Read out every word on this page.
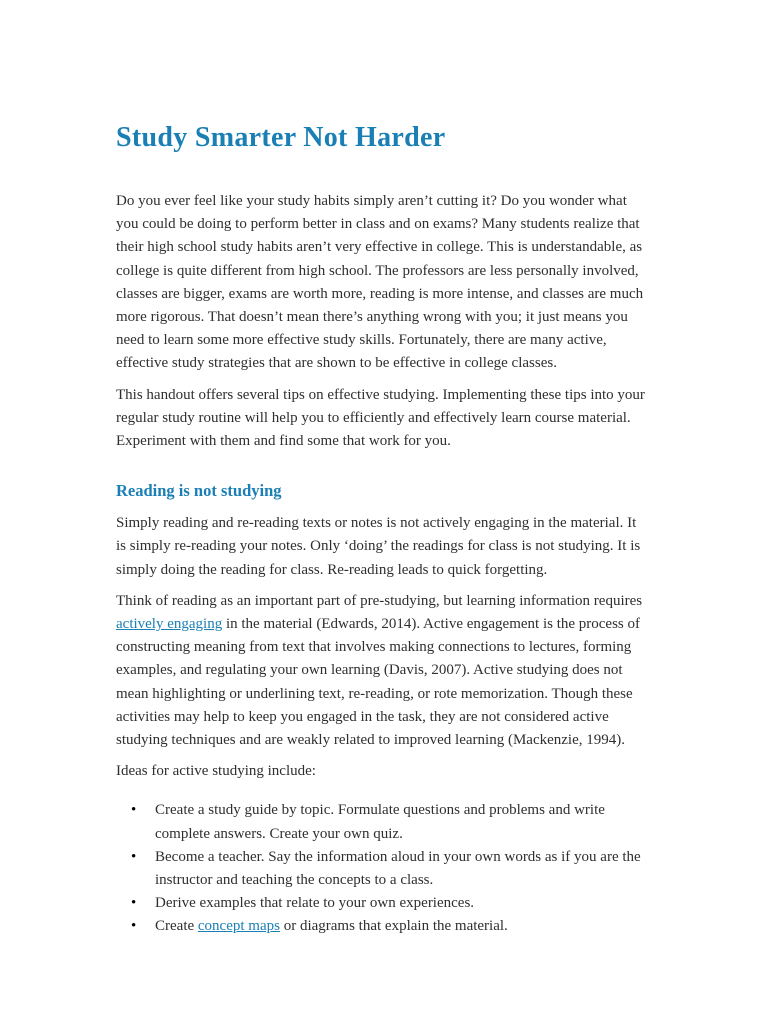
Study Smarter Not Harder

Do you ever feel like your study habits simply aren’t cutting it? Do you wonder what you could be doing to perform better in class and on exams? Many students realize that their high school study habits aren’t very effective in college. This is understandable, as college is quite different from high school. The professors are less personally involved, classes are bigger, exams are worth more, reading is more intense, and classes are much more rigorous. That doesn’t mean there’s anything wrong with you; it just means you need to learn some more effective study skills. Fortunately, there are many active, effective study strategies that are shown to be effective in college classes.

This handout offers several tips on effective studying. Implementing these tips into your regular study routine will help you to efficiently and effectively learn course material. Experiment with them and find some that work for you.

Reading is not studying

Simply reading and re-reading texts or notes is not actively engaging in the material. It is simply re-reading your notes. Only ‘doing’ the readings for class is not studying. It is simply doing the reading for class. Re-reading leads to quick forgetting.

Think of reading as an important part of pre-studying, but learning information requires actively engaging in the material (Edwards, 2014). Active engagement is the process of constructing meaning from text that involves making connections to lectures, forming examples, and regulating your own learning (Davis, 2007). Active studying does not mean highlighting or underlining text, re-reading, or rote memorization. Though these activities may help to keep you engaged in the task, they are not considered active studying techniques and are weakly related to improved learning (Mackenzie, 1994).

Ideas for active studying include:

• Create a study guide by topic. Formulate questions and problems and write complete answers. Create your own quiz.
• Become a teacher. Say the information aloud in your own words as if you are the instructor and teaching the concepts to a class.
• Derive examples that relate to your own experiences.
• Create concept maps or diagrams that explain the material.
